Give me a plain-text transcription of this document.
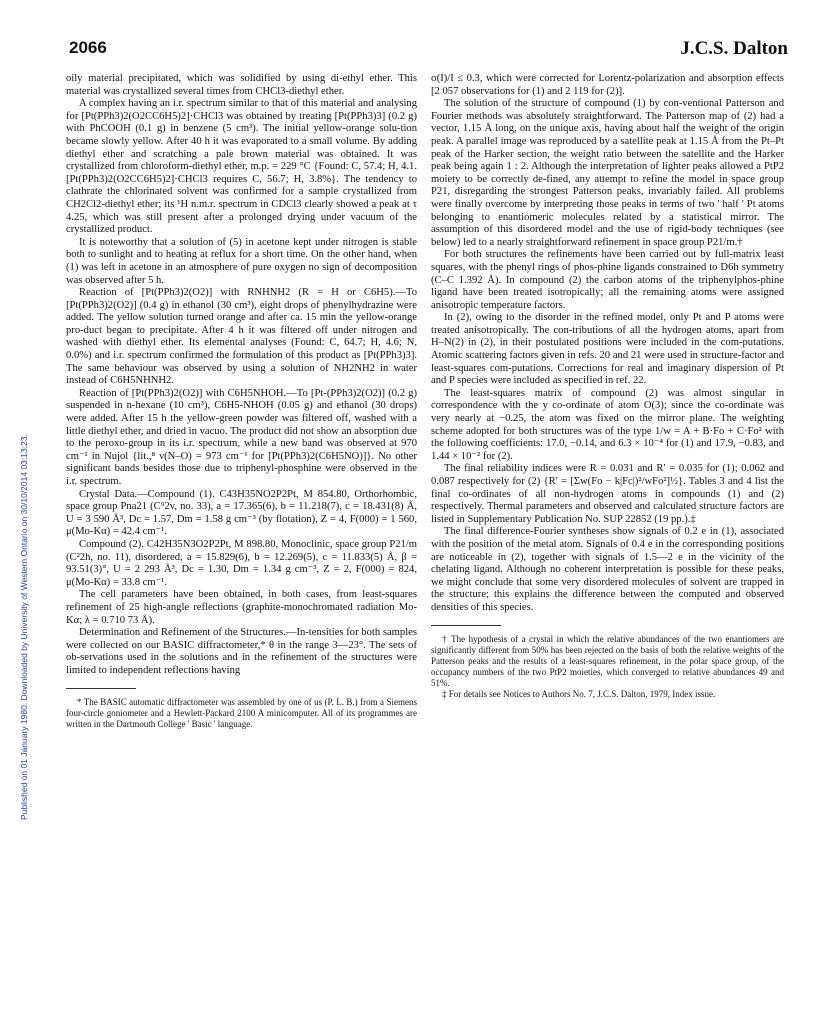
2066	J.C.S. Dalton
Published on 01 January 1980. Downloaded by University of Western Ontario on 30/10/2014 03:13:23.

oily material precipitated, which was solidified by using di-ethyl ether. This material was crystallized several times from CHCl3-diethyl ether.

A complex having an i.r. spectrum similar to that of this material and analysing for [Pt(PPh3)2(O2CC6H5)2]·CHCl3 was obtained by treating [Pt(PPh3)3] (0.2 g) with PhCOOH (0.1 g) in benzene (5 cm³). The initial yellow-orange solu-tion became slowly yellow. After 40 h it was evaporated to a small volume. By adding diethyl ether and scratching a pale brown material was obtained. It was crystallized from chloroform-diethyl ether, m.p. = 229 °C {Found: C, 57.4; H, 4.1. [Pt(PPh3)2(O2CC6H5)2]·CHCl3 requires C, 56.7; H, 3.8%}. The tendency to clathrate the chlorinated solvent was confirmed for a sample crystallized from CH2Cl2-diethyl ether; its ¹H n.m.r. spectrum in CDCl3 clearly showed a peak at τ 4.25, which was still present after a prolonged drying under vacuum of the crystallized product.

It is noteworthy that a solution of (5) in acetone kept under nitrogen is stable both to sunlight and to heating at reflux for a short time. On the other hand, when (1) was left in acetone in an atmosphere of pure oxygen no sign of decomposition was observed after 5 h.

Reaction of [Pt(PPh3)2(O2)] with RNHNH2 (R = H or C6H5).—To [Pt(PPh3)2(O2)] (0.4 g) in ethanol (30 cm³), eight drops of phenylhydrazine were added. The yellow solution turned orange and after ca. 15 min the yellow-orange pro-duct began to precipitate. After 4 h it was filtered off under nitrogen and washed with diethyl ether. Its elemental analyses (Found: C, 64.7; H, 4.6; N, 0.0%) and i.r. spectrum confirmed the formulation of this product as [Pt(PPh3)3]. The same behaviour was observed by using a solution of NH2NH2 in water instead of C6H5NHNH2.

Reaction of [Pt(PPh3)2(O2)] with C6H5NHOH.—To [Pt-(PPh3)2(O2)] (0.2 g) suspended in n-hexane (10 cm³), C6H5-NHOH (0.05 g) and ethanol (30 drops) were added. After 15 h the yellow-green powder was filtered off, washed with a little diethyl ether, and dried in vacuo. The product did not show an absorption due to the peroxo-group in its i.r. spectrum, while a new band was observed at 970 cm⁻¹ in Nujol {lit.,⁸ ν(N–O) = 973 cm⁻¹ for [Pt(PPh3)2(C6H5NO)]}. No other significant bands besides those due to triphenyl-phosphine were observed in the i.r. spectrum.

Crystal Data.—Compound (1). C43H35NO2P2Pt, M 854.80, Orthorhombic, space group Pna21 (C⁹2v, no. 33), a = 17.365(6), b = 11.218(7), c = 18.431(8) Å, U = 3 590 Å³, Dc = 1.57, Dm = 1.58 g cm⁻³ (by flotation), Z = 4, F(000) = 1 560, μ(Mo-Kα) = 42.4 cm⁻¹.

Compound (2). C42H35N3O2P2Pt, M 898.80, Monoclinic, space group P21/m (C²2h, no. 11), disordered, a = 15.829(6), b = 12.269(5), c = 11.833(5) Å, β = 93.51(3)°, U = 2 293 Å³, Dc = 1.30, Dm = 1.34 g cm⁻³, Z = 2, F(000) = 824, μ(Mo-Kα) = 33.8 cm⁻¹.

The cell parameters have been obtained, in both cases, from least-squares refinement of 25 high-angle reflections (graphite-monochromated radiation Mo-Kα; λ = 0.710 73 Å).

Determination and Refinement of the Structures.—In-tensities for both samples were collected on our BASIC diffractometer,* θ in the range 3—23°. The sets of ob-servations used in the solutions and in the refinement of the structures were limited to independent reflections having

* The BASIC automatic diffractometer was assembled by one of us (P. L. B.) from a Siemens four-circle goniometer and a Hewlett-Packard 2100 A minicomputer. All of its programmes are written in the Dartmouth College ' Basic ' language.

σ(I)/I ≤ 0.3, which were corrected for Lorentz-polarization and absorption effects [2 057 observations for (1) and 2 119 for (2)].

The solution of the structure of compound (1) by con-ventional Patterson and Fourier methods was absolutely straightforward. The Patterson map of (2) had a vector, 1.15 Å long, on the unique axis, having about half the weight of the origin peak. A parallel image was reproduced by a satellite peak at 1.15 Å from the Pt–Pt peak of the Harker section, the weight ratio between the satellite and the Harker peak being again 1 : 2. Although the interpretation of lighter peaks allowed a PtP2 moiety to be correctly de-fined, any attempt to refine the model in space group P21, disregarding the strongest Patterson peaks, invariably failed. All problems were finally overcome by interpreting those peaks in terms of two ' half ' Pt atoms belonging to enantiomeric molecules related by a statistical mirror. The assumption of this disordered model and the use of rigid-body techniques (see below) led to a nearly straightforward refinement in space group P21/m.†

For both structures the refinements have been carried out by full-matrix least squares, with the phenyl rings of phos-phine ligands constrained to D6h symmetry (C–C 1.392 Å). In compound (2) the carbon atoms of the triphenylphos-phine ligand have been treated isotropically; all the remaining atoms were assigned anisotropic temperature factors.

In (2), owing to the disorder in the refined model, only Pt and P atoms were treated anisotropically. The con-tributions of all the hydrogen atoms, apart from H–N(2) in (2), in their postulated positions were included in the com-putations. Atomic scattering factors given in refs. 20 and 21 were used in structure-factor and least-squares com-putations. Corrections for real and imaginary dispersion of Pt and P species were included as specified in ref. 22.

The least-squares matrix of compound (2) was almost singular in correspondence with the y co-ordinate of atom O(3); since the co-ordinate was very nearly at −0.25, the atom was fixed on the mirror plane. The weighting scheme adopted for both structures was of the type 1/w = A + B·Fo + C·Fo² with the following coefficients: 17.0, −0.14, and 6.3 × 10⁻⁴ for (1) and 17.9, −0.83, and 1.44 × 10⁻² for (2).

The final reliability indices were R = 0.031 and R′ = 0.035 for (1); 0.062 and 0.087 respectively for (2) {R′ = [Σw(Fo − k|Fc|)²/wFo²]½}. Tables 3 and 4 list the final co-ordinates of all non-hydrogen atoms in compounds (1) and (2) respectively. Thermal parameters and observed and calculated structure factors are listed in Supplementary Publication No. SUP 22852 (19 pp.).‡

The final difference-Fourier syntheses show signals of 0.2 e in (1), associated with the position of the metal atom. Signals of 0.4 e in the corresponding positions are noticeable in (2), together with signals of 1.5—2 e in the vicinity of the chelating ligand. Although no coherent interpretation is possible for these peaks, we might conclude that some very disordered molecules of solvent are trapped in the structure; this explains the difference between the computed and observed densities of this species.

† The hypothesis of a crystal in which the relative abundances of the two enantiomers are significantly different from 50% has been rejected on the basis of both the relative weights of the Patterson peaks and the results of a least-squares refinement, in the polar space group, of the occupancy numbers of the two PtP2 moieties, which converged to relative abundances 49 and 51%.

‡ For details see Notices to Authors No. 7, J.C.S. Dalton, 1979, Index issue.
